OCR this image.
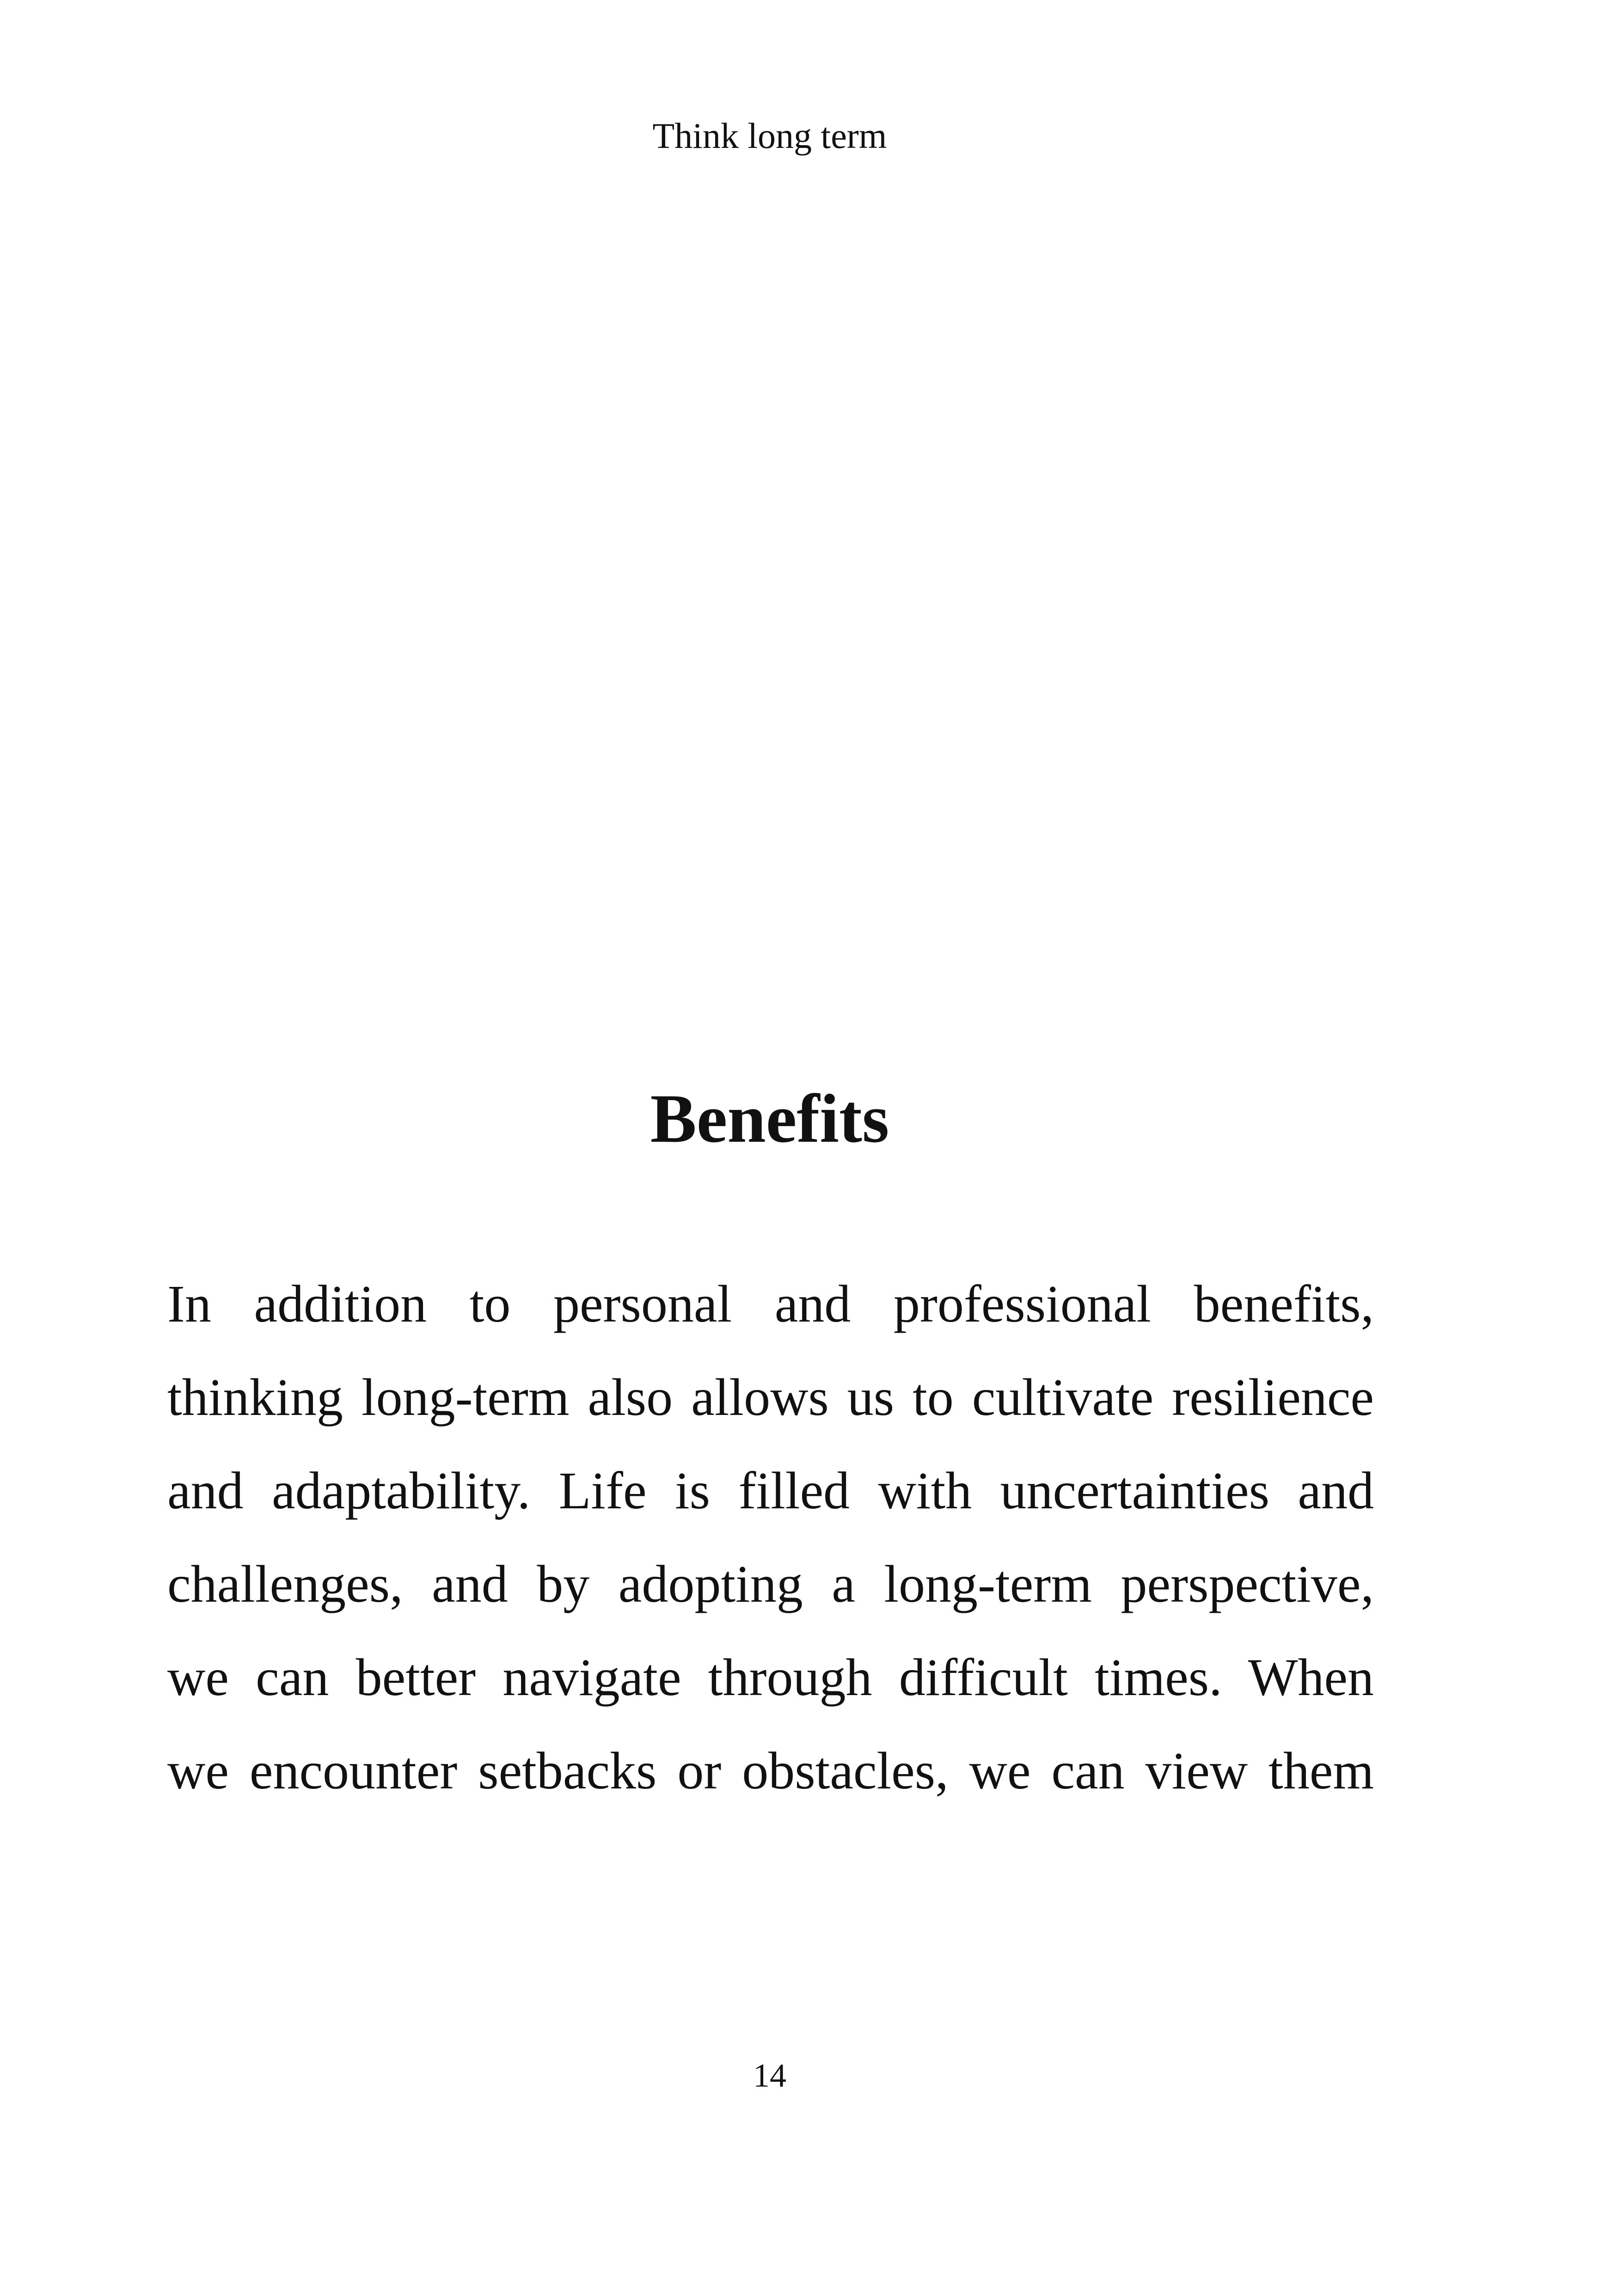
Think long term
Benefits
In addition to personal and professional benefits,
thinking long-term also allows us to cultivate resilience
and adaptability. Life is filled with uncertainties and
challenges, and by adopting a long-term perspective,
we can better navigate through difficult times. When
we encounter setbacks or obstacles, we can view them
14
